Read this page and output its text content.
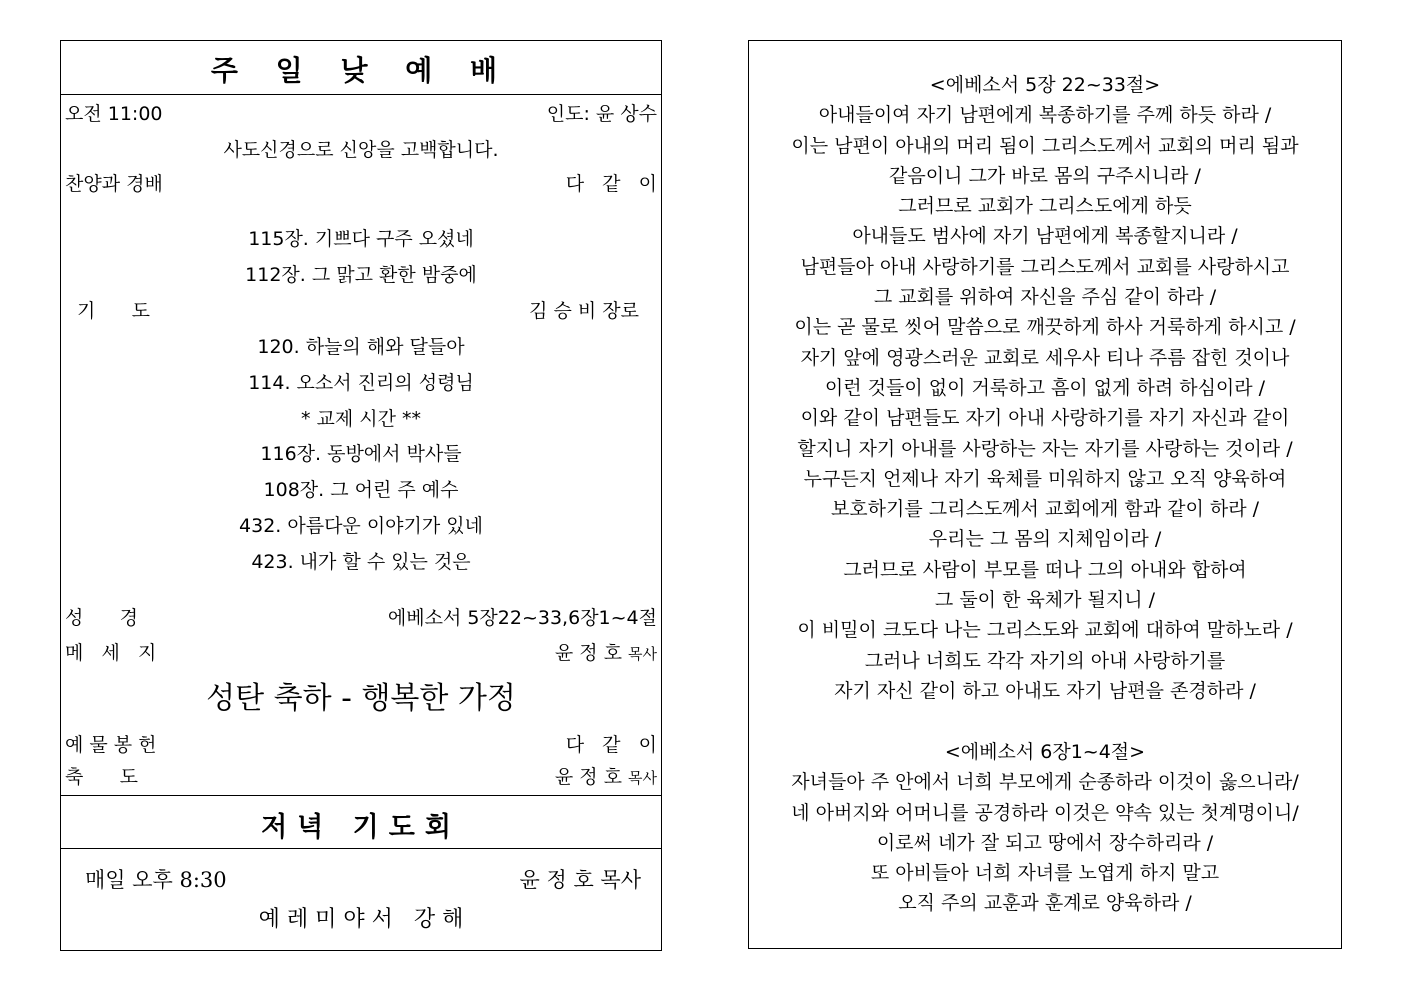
주 일 낮 예 배
오전 11:00	인도: 윤 상수
사도신경으로 신앙을 고백합니다.
찬양과 경배	다   같   이
115장. 기쁘다 구주 오셨네
112장. 그 맑고 환한 밤중에
기      도	김 승 비 장로
120. 하늘의 해와 달들아
114. 오소서 진리의 성령님
* 교제 시간 **
116장. 동방에서 박사들
108장. 그 어린 주 예수
432. 아름다운 이야기가 있네
423. 내가 할 수 있는 것은
성      경	에베소서 5장22~33,6장1~4절
메   세   지	윤 정 호 목사
성탄 축하 - 행복한 가정
예 물 봉 헌	다   같   이
축      도	윤 정 호 목사
저녁 기도회
매일 오후 8:30	윤 정 호 목사
예 레 미 야 서   강 해
<에베소서 5장 22~33절>
아내들이여 자기 남편에게 복종하기를 주께 하듯 하라 /
이는 남편이 아내의 머리 됨이 그리스도께서 교회의 머리 됨과
같음이니 그가 바로 몸의 구주시니라 /
그러므로 교회가 그리스도에게 하듯
아내들도 범사에 자기 남편에게 복종할지니라 /
남편들아 아내 사랑하기를 그리스도께서 교회를 사랑하시고
그 교회를 위하여 자신을 주심 같이 하라 /
이는 곧 물로 씻어 말씀으로 깨끗하게 하사 거룩하게 하시고 /
자기 앞에 영광스러운 교회로 세우사 티나 주름 잡힌 것이나
이런 것들이 없이 거룩하고 흠이 없게 하려 하심이라 /
이와 같이 남편들도 자기 아내 사랑하기를 자기 자신과 같이
할지니 자기 아내를 사랑하는 자는 자기를 사랑하는 것이라 /
누구든지 언제나 자기 육체를 미워하지 않고 오직 양육하여
보호하기를 그리스도께서 교회에게 함과 같이 하라 /
우리는 그 몸의 지체임이라 /
그러므로 사람이 부모를 떠나 그의 아내와 합하여
그 둘이 한 육체가 될지니 /
이 비밀이 크도다 나는 그리스도와 교회에 대하여 말하노라 /
그러나 너희도 각각 자기의 아내 사랑하기를
자기 자신 같이 하고 아내도 자기 남편을 존경하라 /
<에베소서 6장1~4절>
자녀들아 주 안에서 너희 부모에게 순종하라 이것이 옳으니라/
네 아버지와 어머니를 공경하라 이것은 약속 있는 첫계명이니/
이로써 네가 잘 되고 땅에서 장수하리라 /
또 아비들아 너희 자녀를 노엽게 하지 말고
오직 주의 교훈과 훈계로 양육하라 /
